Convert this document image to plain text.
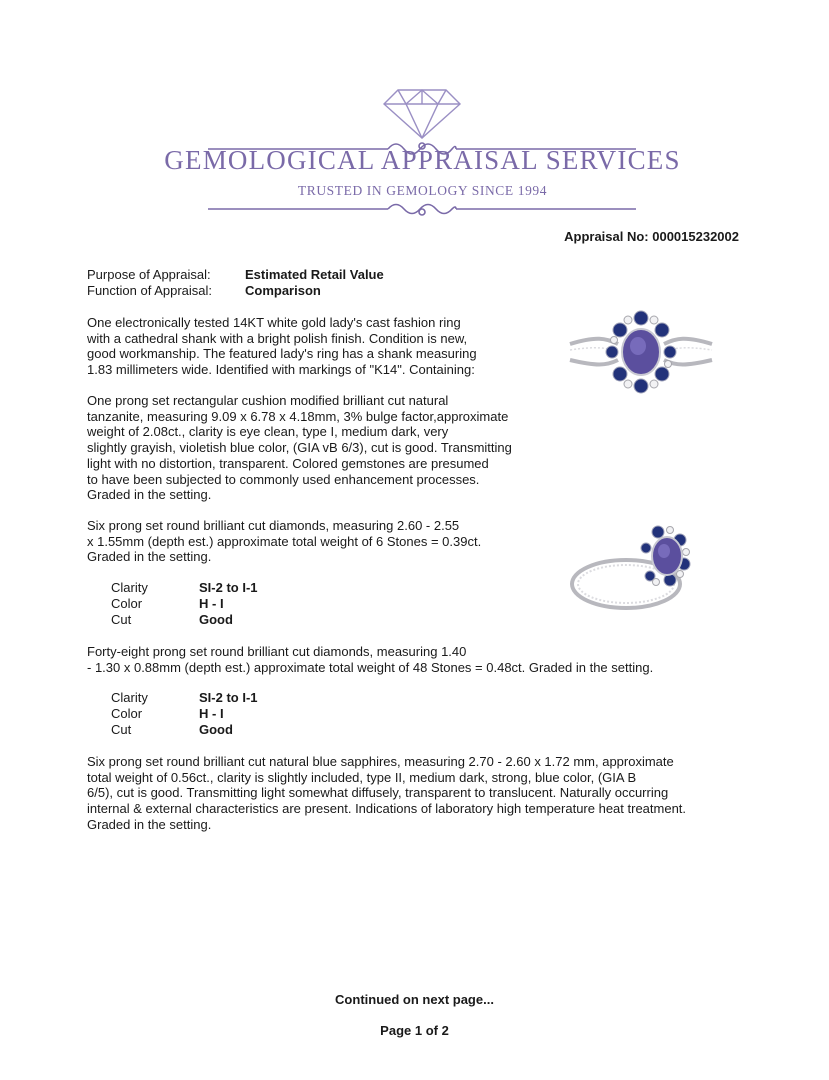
GEMOLOGICAL APPRAISAL SERVICES
TRUSTED IN GEMOLOGY SINCE 1994
Appraisal No: 000015232002
Purpose of Appraisal:	Estimated Retail Value
Function of Appraisal:	Comparison
One electronically tested 14KT white gold lady's cast fashion ring
with a cathedral shank with a bright polish finish. Condition is new,
good workmanship. The featured lady's ring has a shank measuring
1.83 millimeters wide. Identified with markings of "K14". Containing:
One prong set rectangular cushion modified brilliant cut natural
tanzanite, measuring 9.09 x 6.78 x 4.18mm, 3% bulge factor,approximate
weight of 2.08ct., clarity is eye clean, type I, medium dark, very
slightly grayish, violetish blue color, (GIA vB 6/3), cut is good. Transmitting
light with no distortion, transparent. Colored gemstones are presumed
to have been subjected to commonly used enhancement processes.
Graded in the setting.
Six prong set round brilliant cut diamonds, measuring 2.60 - 2.55
x 1.55mm (depth est.) approximate total weight of 6 Stones = 0.39ct.
Graded in the setting.
Clarity	SI-2 to I-1
Color	H - I
Cut	Good
Forty-eight prong set round brilliant cut diamonds, measuring 1.40
- 1.30 x 0.88mm (depth est.) approximate total weight of 48 Stones = 0.48ct. Graded in the setting.
Clarity	SI-2 to I-1
Color	H - I
Cut	Good
Six prong set round brilliant cut natural blue sapphires, measuring 2.70 - 2.60 x 1.72 mm, approximate
total weight of 0.56ct., clarity is slightly included, type II, medium dark, strong, blue color, (GIA B
6/5), cut is good. Transmitting light somewhat diffusely, transparent to translucent. Naturally occurring
internal & external characteristics are present. Indications of laboratory high temperature heat treatment.
Graded in the setting.
Continued on next page...
Page 1 of 2
